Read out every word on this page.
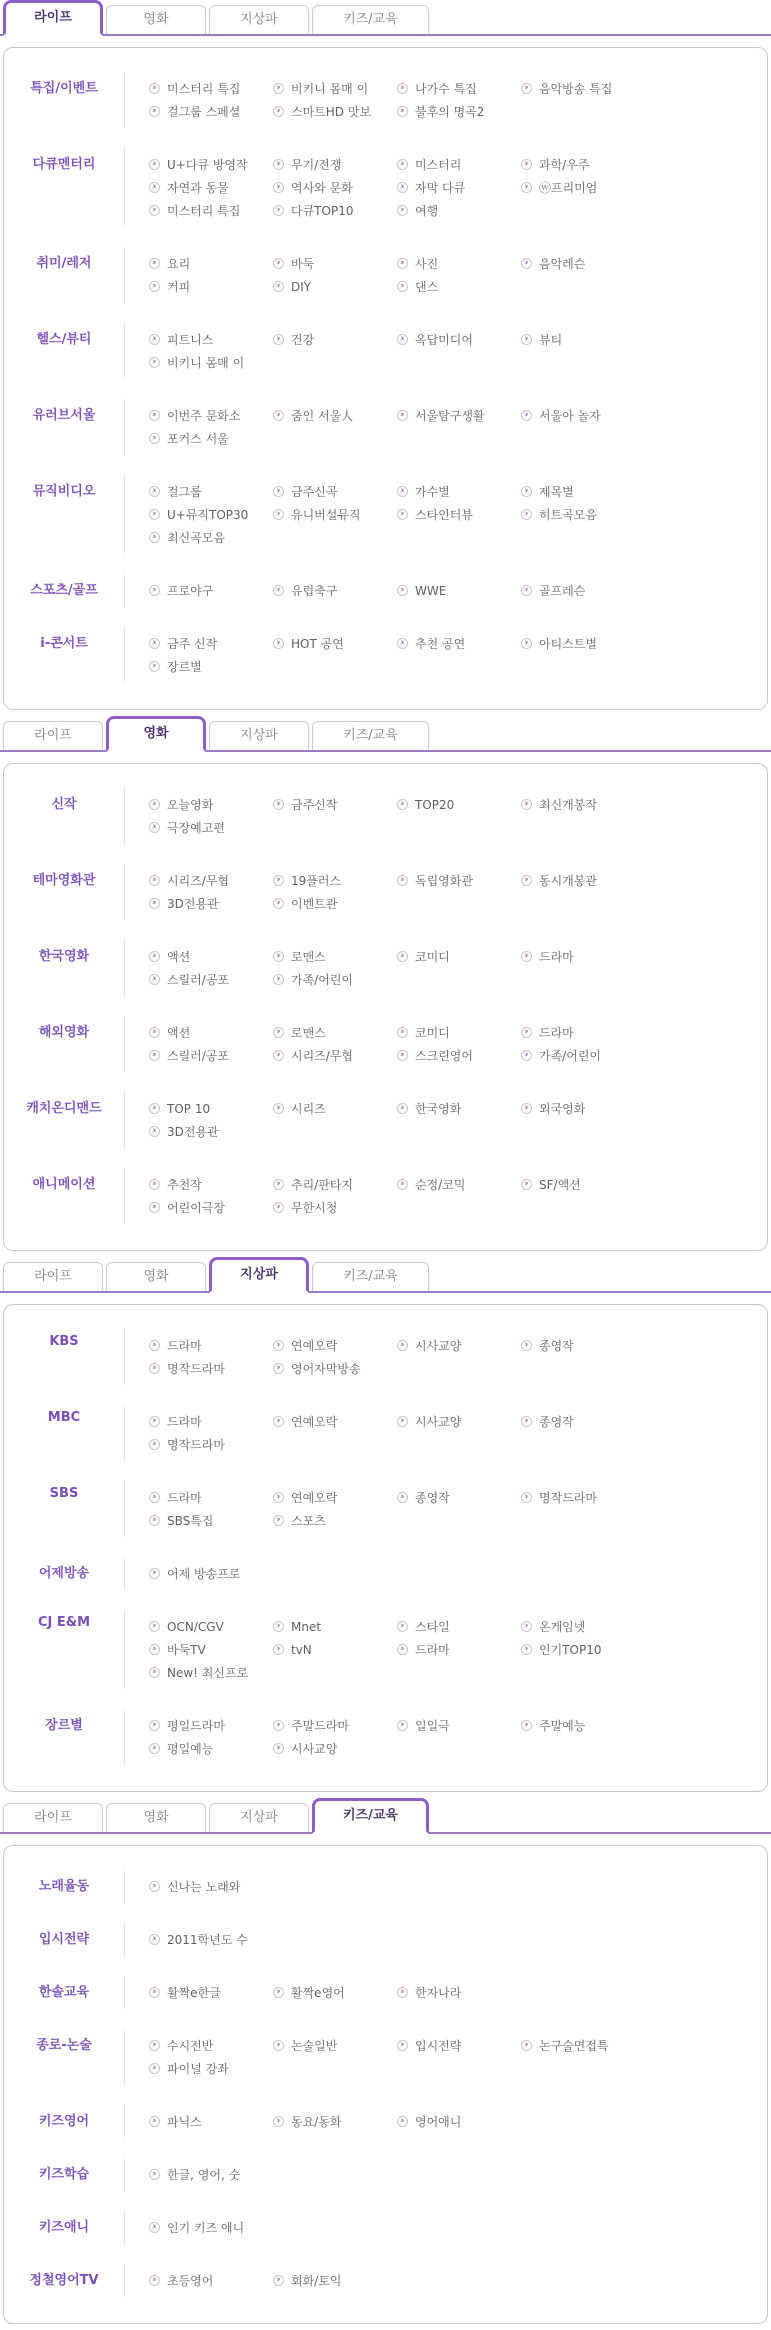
라이프	영화	지상파	키즈/교육
특집/이벤트	› 미스터리 특집	› 비키니 몸매 이	› 나가수 특집	› 음악방송 특집
› 걸그룹 스페셜	› 스마트HD 맛보	› 불후의 명곡2
다큐멘터리	› U+다큐 방영작	› 무기/전쟁	› 미스터리	› 과학/우주
› 자연과 동물	› 역사와 문화	› 자막 다큐	› ⓦ프리미엄
› 미스터리 특집	› 다큐TOP10	› 여행
취미/레저	› 요리	› 바둑	› 사진	› 음악레슨
› 커피	› DIY	› 댄스
헬스/뷰티	› 피트니스	› 건강	› 옥답미디어	› 뷰티
› 비키니 몸매 이
유러브서울	› 이번주 문화소	› 줌인 서울人	› 서울탐구생활	› 서울아 놀자
› 포커스 서울
뮤직비디오	› 걸그룹	› 금주신곡	› 가수별	› 제목별
› U+뮤직TOP30	› 유니버설뮤직	› 스타인터뷰	› 히트곡모음
› 최신곡모음
스포츠/골프	› 프로야구	› 유럽축구	› WWE	› 골프레슨
i-콘서트	› 금주 신작	› HOT 공연	› 추천 공연	› 아티스트별
› 장르별
라이프	영화	지상파	키즈/교육
신작	› 오늘영화	› 금주신작	› TOP20	› 최신개봉작
› 극장예고편
테마영화관	› 시리즈/무협	› 19플러스	› 독립영화관	› 동시개봉관
› 3D전용관	› 이벤트관
한국영화	› 액션	› 로맨스	› 코미디	› 드라마
› 스릴러/공포	› 가족/어린이
해외영화	› 액션	› 로맨스	› 코미디	› 드라마
› 스릴러/공포	› 시리즈/무협	› 스크린영어	› 가족/어린이
캐치온디맨드	› TOP 10	› 시리즈	› 한국영화	› 외국영화
› 3D전용관
애니메이션	› 추천작	› 추리/판타지	› 순정/코믹	› SF/액션
› 어린이극장	› 무한시청
라이프	영화	지상파	키즈/교육
KBS	› 드라마	› 연예오락	› 시사교양	› 종영작
› 명작드라마	› 영어자막방송
MBC	› 드라마	› 연예오락	› 시사교양	› 종영작
› 명작드라마
SBS	› 드라마	› 연예오락	› 종영작	› 명작드라마
› SBS특집	› 스포츠
어제방송	› 어제 방송프로
CJ E&M	› OCN/CGV	› Mnet	› 스타일	› 온게임넷
› 바둑TV	› tvN	› 드라마	› 인기TOP10
› New! 최신프로
장르별	› 평일드라마	› 주말드라마	› 일일극	› 주말예능
› 평일예능	› 시사교양
라이프	영화	지상파	키즈/교육
노래율동	› 신나는 노래와
입시전략	› 2011학년도 수
한솔교육	› 활짝e한글	› 활짝e영어	› 한자나라
종로-논술	› 수시전반	› 논술일반	› 입시전략	› 논구술면접특
› 파이널 강좌
키즈영어	› 파닉스	› 동요/동화	› 영어애니
키즈학습	› 한글, 영어, 숫
키즈애니	› 인기 키즈 애니
정철영어TV	› 초등영어	› 회화/토익
